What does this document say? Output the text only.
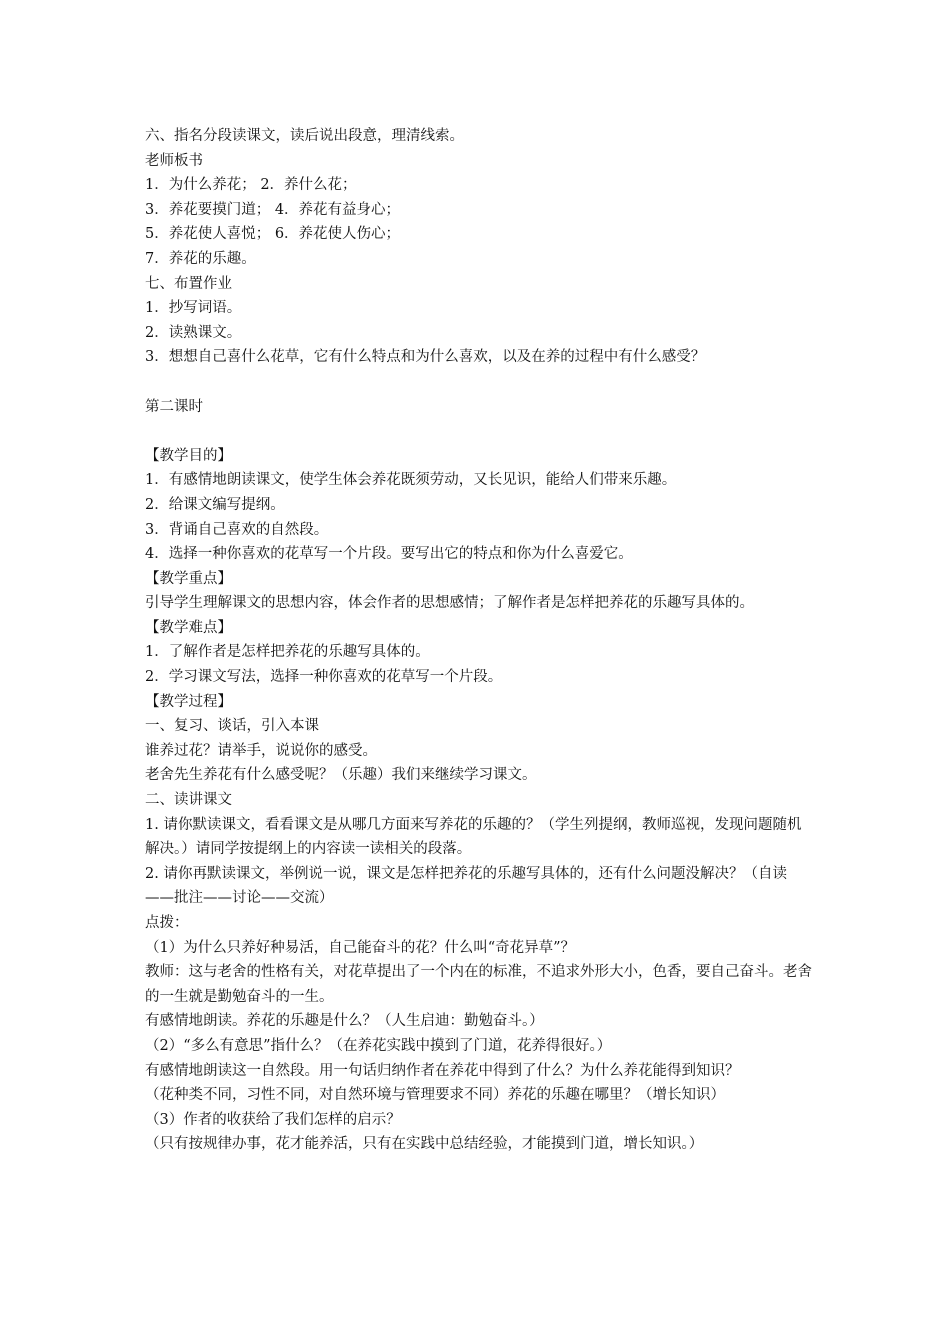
六、指名分段读课文，读后说出段意，理清线索。
老师板书
1．为什么养花； 2．养什么花；
3．养花要摸门道； 4．养花有益身心；
5．养花使人喜悦； 6．养花使人伤心；
7．养花的乐趣。
七、布置作业
1．抄写词语。
2．读熟课文。
3．想想自己喜什么花草，它有什么特点和为什么喜欢，以及在养的过程中有什么感受？
第二课时
【教学目的】
1．有感情地朗读课文，使学生体会养花既须劳动，又长见识，能给人们带来乐趣。
2．给课文编写提纲。
3．背诵自己喜欢的自然段。
4．选择一种你喜欢的花草写一个片段。要写出它的特点和你为什么喜爱它。
【教学重点】
引导学生理解课文的思想内容，体会作者的思想感情；了解作者是怎样把养花的乐趣写具体的。
【教学难点】
1．了解作者是怎样把养花的乐趣写具体的。
2．学习课文写法，选择一种你喜欢的花草写一个片段。
【教学过程】
一、复习、谈话，引入本课
谁养过花？请举手，说说你的感受。
老舍先生养花有什么感受呢？（乐趣）我们来继续学习课文。
二、读讲课文
1. 请你默读课文，看看课文是从哪几方面来写养花的乐趣的？（学生列提纲，教师巡视，发现问题随机解决。）请同学按提纲上的内容读一读相关的段落。
2. 请你再默读课文，举例说一说，课文是怎样把养花的乐趣写具体的，还有什么问题没解决？（自读——批注——讨论——交流）
点拨：
（1）为什么只养好种易活，自己能奋斗的花？什么叫“奇花异草”？
教师：这与老舍的性格有关，对花草提出了一个内在的标准，不追求外形大小，色香，要自己奋斗。老舍的一生就是勤勉奋斗的一生。
有感情地朗读。养花的乐趣是什么？（人生启迪：勤勉奋斗。）
（2）“多么有意思”指什么？（在养花实践中摸到了门道，花养得很好。）
有感情地朗读这一自然段。用一句话归纳作者在养花中得到了什么？为什么养花能得到知识？
（花种类不同，习性不同，对自然环境与管理要求不同）养花的乐趣在哪里？（增长知识）
（3）作者的收获给了我们怎样的启示？
（只有按规律办事，花才能养活，只有在实践中总结经验，才能摸到门道，增长知识。）
